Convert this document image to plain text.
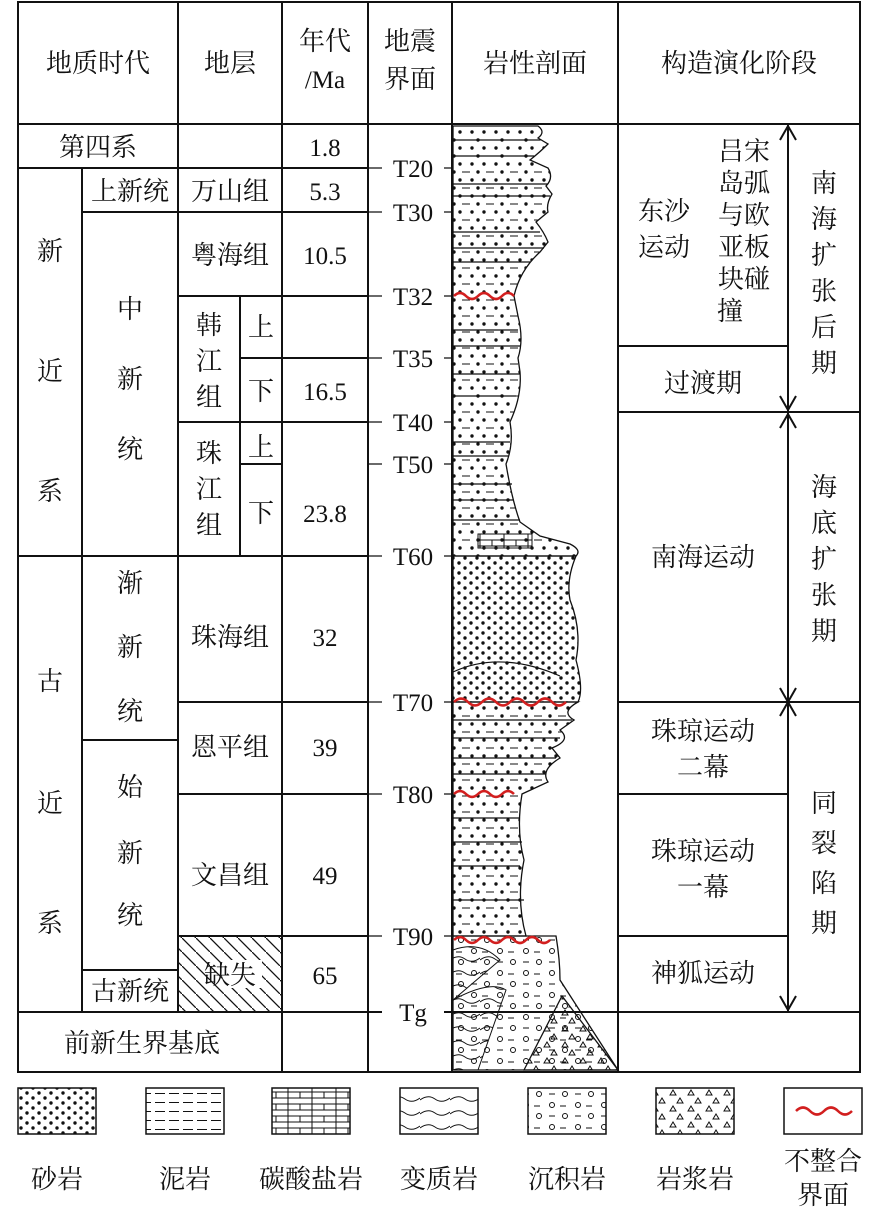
地质时代 地层
年代
/Ma
地震
界面
岩性剖面	构造演化阶段
第四系
新
近
系
古
近
系
前新生界基底
上新统
中
新
统
渐
新
统
始
新
统
古新统
万山组
粤海组
韩
江
组
上
下
珠
江
组
上
下
珠海组
恩平组
文昌组
缺失
1.8
5.3
10.5
16.5
23.8
32
39
49
65
T20
T30
T32
T35
T40
T50
T60
T70
T80
T90
Tg
东沙
运动
吕宋
岛弧
与欧
亚板
块碰
撞
过渡期
南海运动
珠琼运动
二幕
珠琼运动
一幕
神狐运动
南
海
扩
张
后
期
海
底
扩
张
期
同
裂
陷
期
砂岩	泥岩 碳酸盐岩 变质岩 沉积岩 岩浆岩
不整合
界面
